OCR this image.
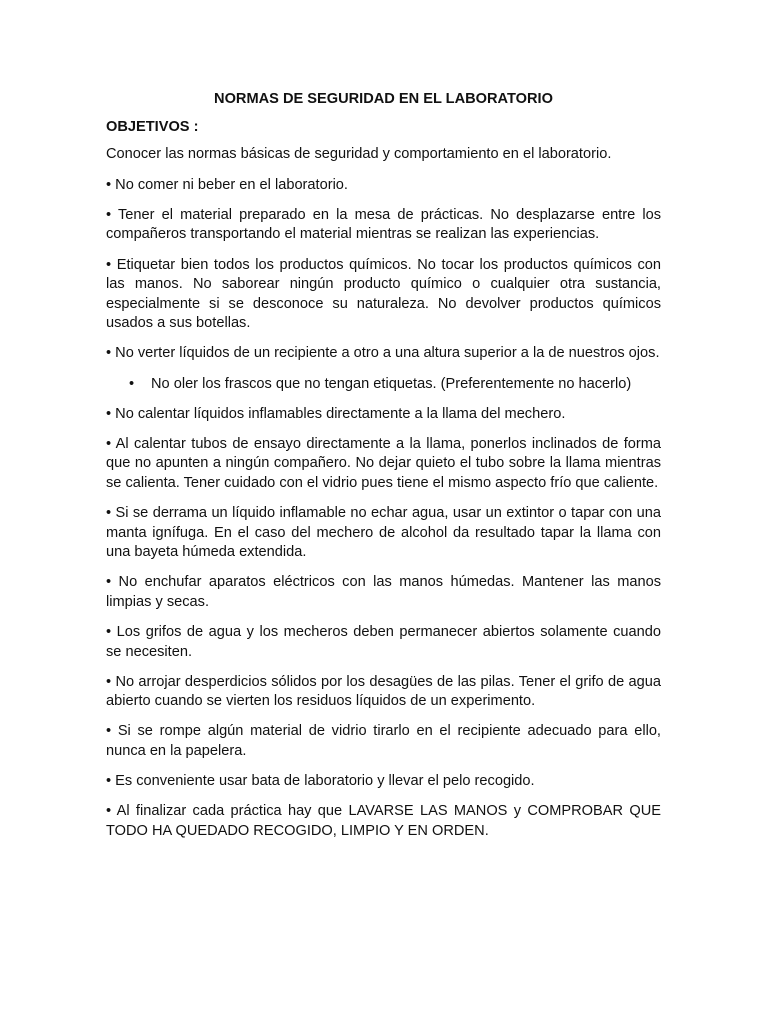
NORMAS DE SEGURIDAD EN EL LABORATORIO
OBJETIVOS :
Conocer las normas básicas de seguridad y comportamiento en el laboratorio.
• No comer ni beber en el laboratorio.
• Tener el material preparado en la mesa de prácticas. No desplazarse entre los compañeros transportando el material mientras se realizan las experiencias.
• Etiquetar bien todos los productos químicos. No tocar los productos químicos con las manos. No saborear ningún producto químico o cualquier otra sustancia, especialmente si se desconoce su naturaleza. No devolver productos químicos usados a sus botellas.
• No verter líquidos de un recipiente a otro a una altura superior a la de nuestros ojos.
• No oler los frascos que no tengan etiquetas. (Preferentemente no hacerlo)
• No calentar líquidos inflamables directamente a la llama del mechero.
• Al calentar tubos de ensayo directamente a la llama, ponerlos inclinados de forma que no apunten a ningún compañero. No dejar quieto el tubo sobre la llama mientras se calienta. Tener cuidado con el vidrio pues tiene el mismo aspecto frío que caliente.
• Si se derrama un líquido inflamable no echar agua, usar un extintor o tapar con una manta ignífuga. En el caso del mechero de alcohol da resultado tapar la llama con una bayeta húmeda extendida.
• No enchufar aparatos eléctricos con las manos húmedas. Mantener las manos limpias y secas.
• Los grifos de agua y los mecheros deben permanecer abiertos solamente cuando se necesiten.
• No arrojar desperdicios sólidos por los desagües de las pilas. Tener el grifo de agua abierto cuando se vierten los residuos líquidos de un experimento.
• Si se rompe algún material de vidrio tirarlo en el recipiente adecuado para ello, nunca en la papelera.
• Es conveniente usar bata de laboratorio y llevar el pelo recogido.
• Al finalizar cada práctica hay que LAVARSE LAS MANOS y COMPROBAR QUE TODO HA QUEDADO RECOGIDO, LIMPIO Y EN ORDEN.
